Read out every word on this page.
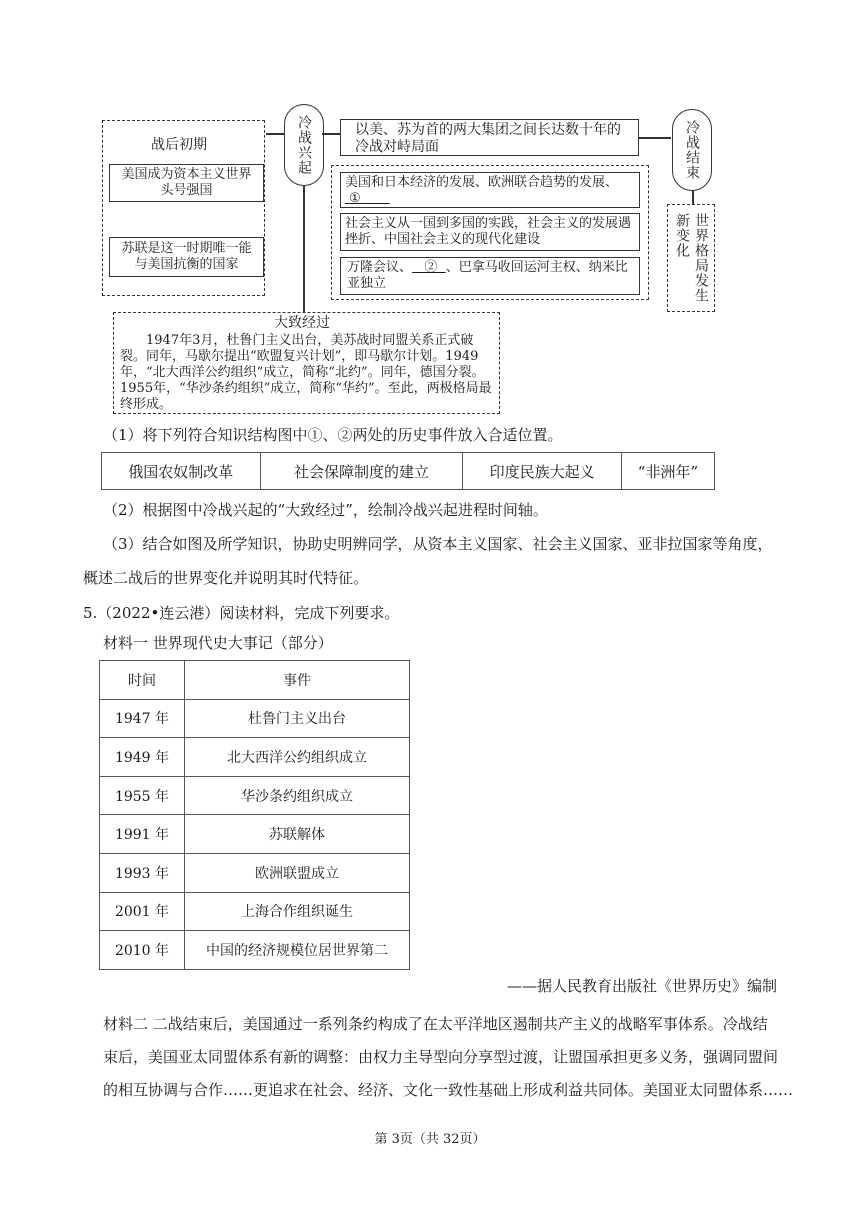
战后初期
美国成为资本主义世界头号强国
苏联是这一时期唯一能与美国抗衡的国家
冷战兴起	以美、苏为首的两大集团之间长达数十年的冷战对峙局面
美国和日本经济的发展、欧洲联合趋势的发展、
①
社会主义从一国到多国的实践，社会主义的发展遇挫折、中国社会主义的现代化建设
万隆会议、 ② 、巴拿马收回运河主权、纳米比亚独立
冷战结束
世界格局发生新变化
大致经过
1947年3月，杜鲁门主义出台，美苏战时同盟关系正式破裂。同年，马歇尔提出“欧盟复兴计划”，即马歇尔计划。1949年，“北大西洋公约组织”成立，简称“北约”。同年，德国分裂。1955年，“华沙条约组织”成立，简称“华约”。至此，两极格局最终形成。
（1）将下列符合知识结构图中①、②两处的历史事件放入合适位置。
俄国农奴制改革	社会保障制度的建立	印度民族大起义	“非洲年”
（2）根据图中冷战兴起的“大致经过”，绘制冷战兴起进程时间轴。
（3）结合如图及所学知识，协助史明辨同学，从资本主义国家、社会主义国家、亚非拉国家等角度，
概述二战后的世界变化并说明其时代特征。
5.（2022•连云港）阅读材料，完成下列要求。
材料一 世界现代史大事记（部分）
时间	事件
1947 年	杜鲁门主义出台
1949 年	北大西洋公约组织成立
1955 年	华沙条约组织成立
1991 年	苏联解体
1993 年	欧洲联盟成立
2001 年	上海合作组织诞生
2010 年	中国的经济规模位居世界第二
——据人民教育出版社《世界历史》编制
材料二 二战结束后，美国通过一系列条约构成了在太平洋地区遏制共产主义的战略军事体系。冷战结
束后，美国亚太同盟体系有新的调整：由权力主导型向分享型过渡，让盟国承担更多义务，强调同盟间
的相互协调与合作……更追求在社会、经济、文化一致性基础上形成利益共同体。美国亚太同盟体系……
第 3页（共 32页）
